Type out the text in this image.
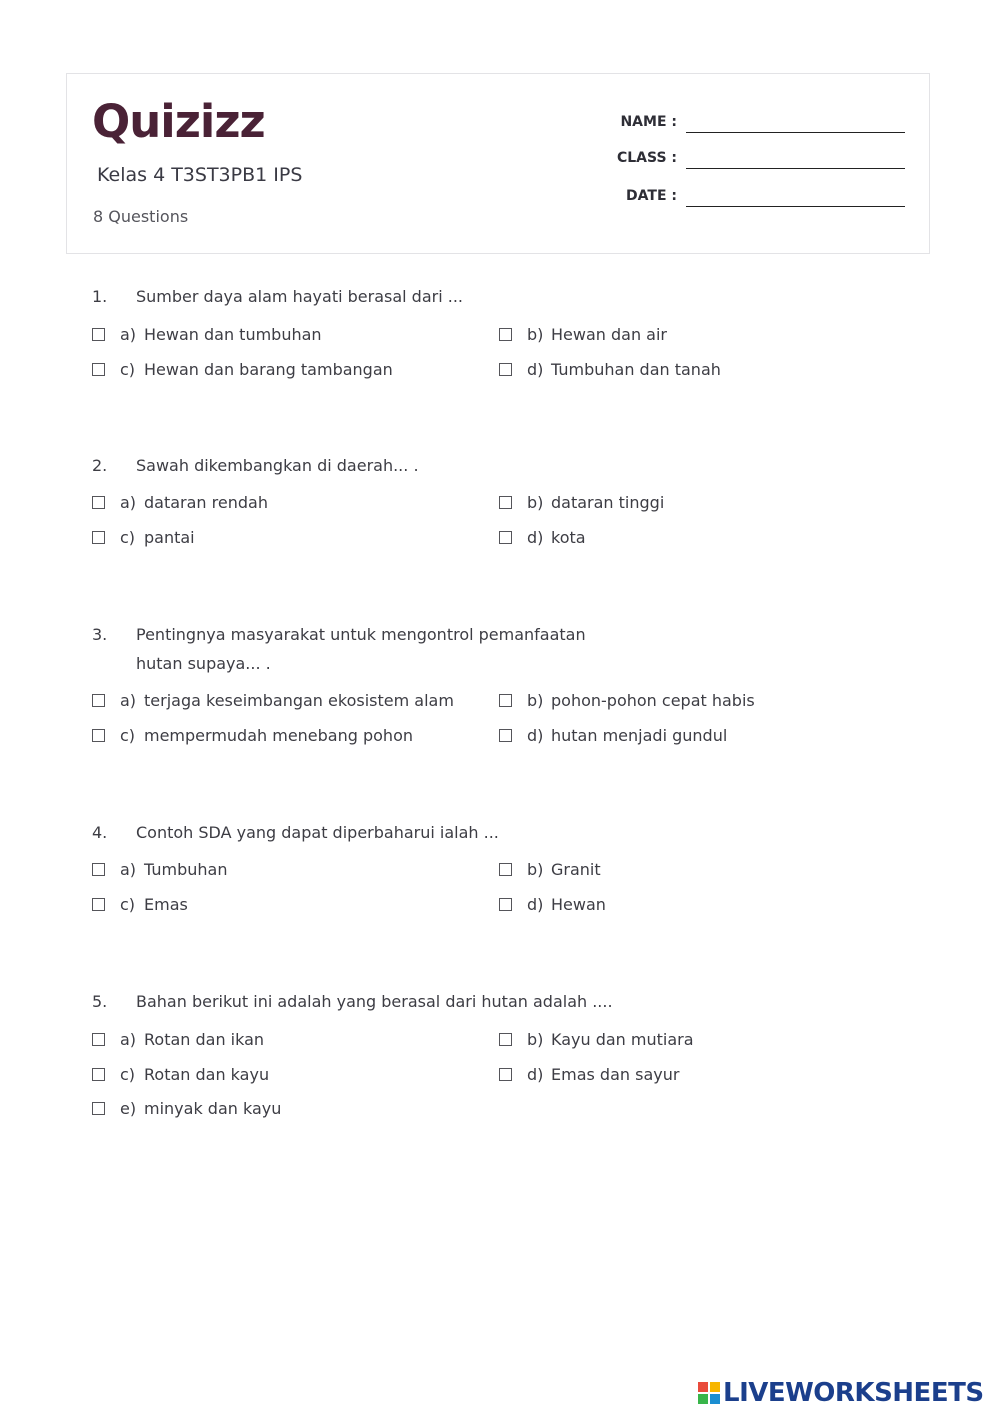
Quizizz
Kelas 4 T3ST3PB1 IPS
8 Questions
NAME :
CLASS :
DATE :
1. Sumber daya alam hayati berasal dari ...
a) Hewan dan tumbuhan	b) Hewan dan air
c) Hewan dan barang tambangan	d) Tumbuhan dan tanah
2. Sawah dikembangkan di daerah... .
a) dataran rendah	b) dataran tinggi
c) pantai	d) kota
3. Pentingnya masyarakat untuk mengontrol pemanfaatan hutan supaya... .
a) terjaga keseimbangan ekosistem alam	b) pohon-pohon cepat habis
c) mempermudah menebang pohon	d) hutan menjadi gundul
4. Contoh SDA yang dapat diperbaharui ialah ...
a) Tumbuhan	b) Granit
c) Emas	d) Hewan
5. Bahan berikut ini adalah yang berasal dari hutan adalah ....
a) Rotan dan ikan	b) Kayu dan mutiara
c) Rotan dan kayu	d) Emas dan sayur
e) minyak dan kayu
LIVEWORKSHEETS
